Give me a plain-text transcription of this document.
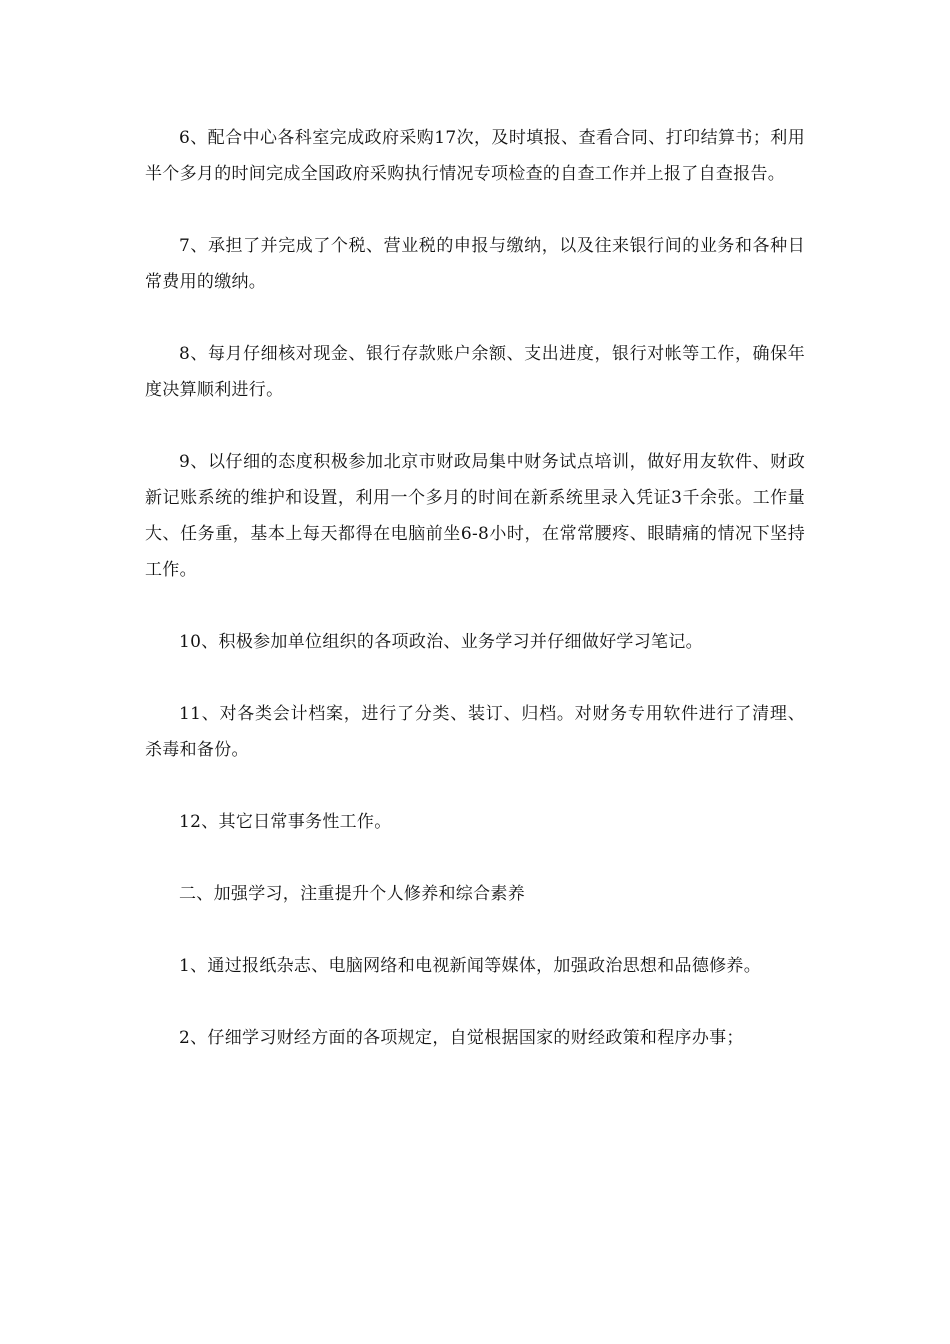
6、配合中心各科室完成政府采购17次，及时填报、查看合同、打印结算书；利用半个多月的时间完成全国政府采购执行情况专项检查的自查工作并上报了自查报告。

7、承担了并完成了个税、营业税的申报与缴纳，以及往来银行间的业务和各种日常费用的缴纳。

8、每月仔细核对现金、银行存款账户余额、支出进度，银行对帐等工作，确保年度决算顺利进行。

9、以仔细的态度积极参加北京市财政局集中财务试点培训，做好用友软件、财政新记账系统的维护和设置，利用一个多月的时间在新系统里录入凭证3千余张。工作量大、任务重，基本上每天都得在电脑前坐6-8小时，在常常腰疼、眼睛痛的情况下坚持工作。

10、积极参加单位组织的各项政治、业务学习并仔细做好学习笔记。

11、对各类会计档案，进行了分类、装订、归档。对财务专用软件进行了清理、杀毒和备份。

12、其它日常事务性工作。

二、加强学习，注重提升个人修养和综合素养

1、通过报纸杂志、电脑网络和电视新闻等媒体，加强政治思想和品德修养。

2、仔细学习财经方面的各项规定，自觉根据国家的财经政策和程序办事；
